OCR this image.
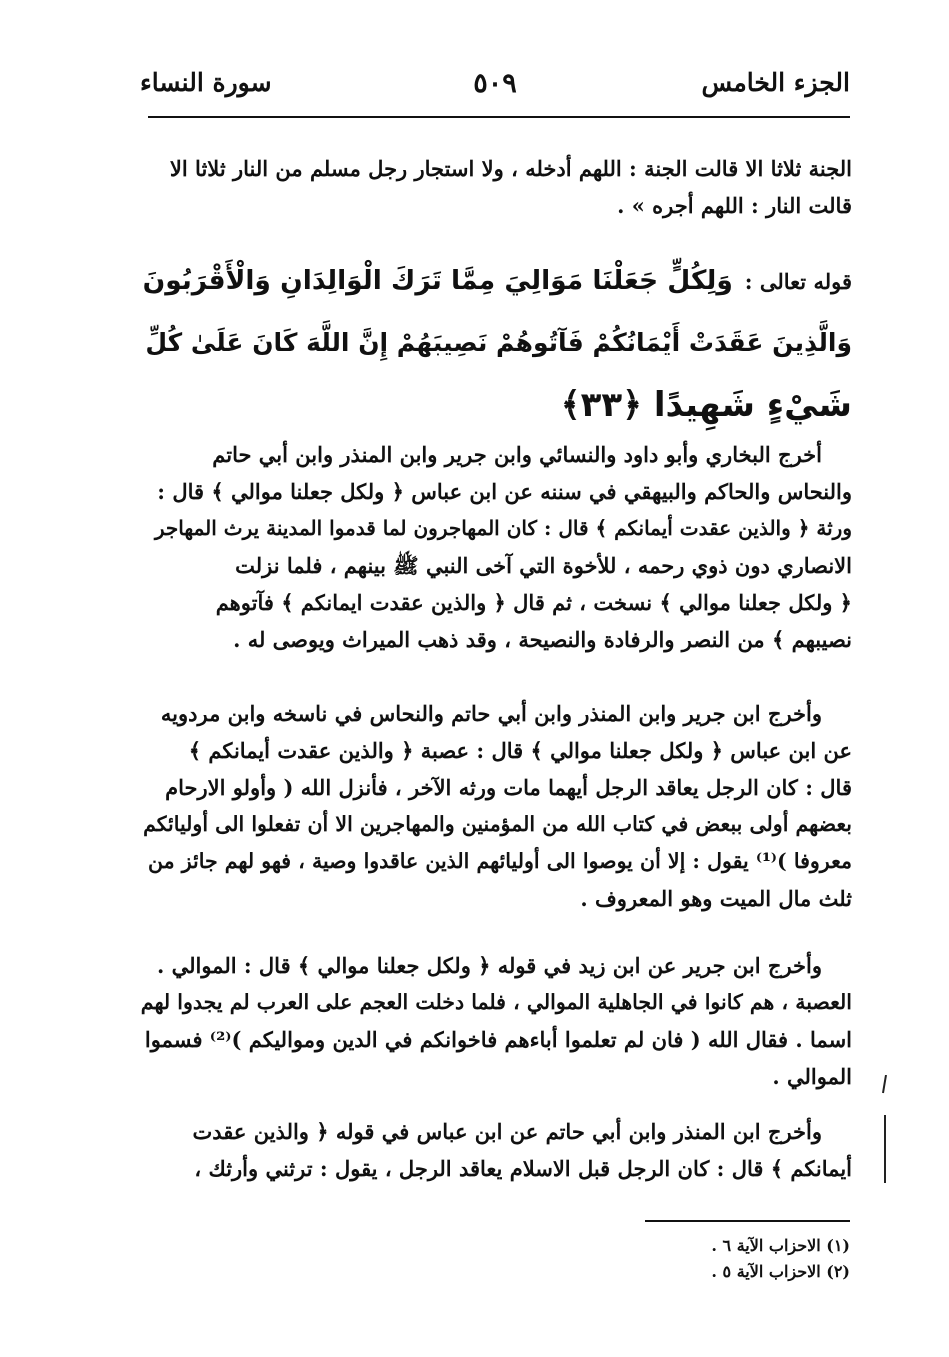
الجزء الخامس
٥٠٩
سورة النساء
الجنة ثلاثا الا قالت الجنة : اللهم أدخله ، ولا استجار رجل مسلم من النار ثلاثا الا
قالت النار : اللهم أجره » .
قوله تعالى :وَلِكُلٍّ جَعَلْنَا مَوَالِيَ مِمَّا تَرَكَ الْوَالِدَانِ وَالْأَقْرَبُونَ
وَالَّذِينَ عَقَدَتْ أَيْمَانُكُمْ فَآتُوهُمْ نَصِيبَهُمْ إِنَّ اللَّهَ كَانَ عَلَىٰ كُلِّ
شَيْءٍ شَهِيدًا ﴿٣٣﴾
أخرج البخاري وأبو داود والنسائي وابن جرير وابن المنذر وابن أبي حاتم
والنحاس والحاكم والبيهقي في سننه عن ابن عباس ﴿ ولكل جعلنا موالي ﴾ قال :
ورثة ﴿ والذين عقدت أيمانكم ﴾ قال : كان المهاجرون لما قدموا المدينة يرث المهاجر
الانصاري دون ذوي رحمه ، للأخوة التي آخى النبي ﷺ بينهم ، فلما نزلت
﴿ ولكل جعلنا موالي ﴾ نسخت ، ثم قال ﴿ والذين عقدت ايمانكم ﴾ فآتوهم
نصيبهم ﴾ من النصر والرفادة والنصيحة ، وقد ذهب الميراث ويوصى له .
وأخرج ابن جرير وابن المنذر وابن أبي حاتم والنحاس في ناسخه وابن مردويه
عن ابن عباس ﴿ ولكل جعلنا موالي ﴾ قال : عصبة ﴿ والذين عقدت أيمانكم ﴾
قال : كان الرجل يعاقد الرجل أيهما مات ورثه الآخر ، فأنزل الله ( وأولو الارحام
بعضهم أولى ببعض في كتاب الله من المؤمنين والمهاجرين الا أن تفعلوا الى أوليائكم
معروفا )⁽¹⁾ يقول : إلا أن يوصوا الى أوليائهم الذين عاقدوا وصية ، فهو لهم جائز من
ثلث مال الميت وهو المعروف .
وأخرج ابن جرير عن ابن زيد في قوله ﴿ ولكل جعلنا موالي ﴾ قال : الموالي .
العصبة ، هم كانوا في الجاهلية الموالي ، فلما دخلت العجم على العرب لم يجدوا لهم
اسما . فقال الله ( فان لم تعلموا أباءهم فاخوانكم في الدين ومواليكم )⁽²⁾ فسموا
الموالي .
وأخرج ابن المنذر وابن أبي حاتم عن ابن عباس في قوله ﴿ والذين عقدت
أيمانكم ﴾ قال : كان الرجل قبل الاسلام يعاقد الرجل ، يقول : ترثني وأرثك ،
(١) الاحزاب الآية ٦ .
(٢) الاحزاب الآية ٥ .
